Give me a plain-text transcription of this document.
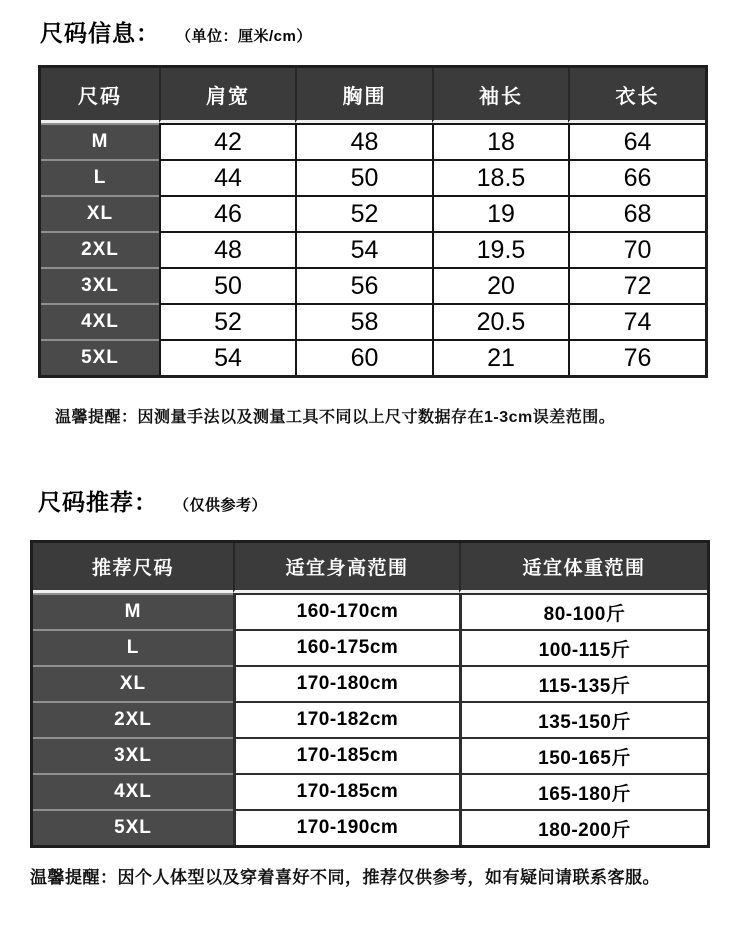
尺码信息： （单位：厘米/cm）
尺码	肩宽	胸围	袖长	衣长
M	42	48	18	64
L	44	50	18.5	66
XL	46	52	19	68
2XL	48	54	19.5	70
3XL	50	56	20	72
4XL	52	58	20.5	74
5XL	54	60	21	76
温馨提醒：因测量手法以及测量工具不同以上尺寸数据存在1-3cm误差范围。
尺码推荐： （仅供参考）
推荐尺码	适宜身高范围	适宜体重范围
M	160-170cm	80-100斤
L	160-175cm	100-115斤
XL	170-180cm	115-135斤
2XL	170-182cm	135-150斤
3XL	170-185cm	150-165斤
4XL	170-185cm	165-180斤
5XL	170-190cm	180-200斤
温馨提醒：因个人体型以及穿着喜好不同，推荐仅供参考，如有疑问请联系客服。
